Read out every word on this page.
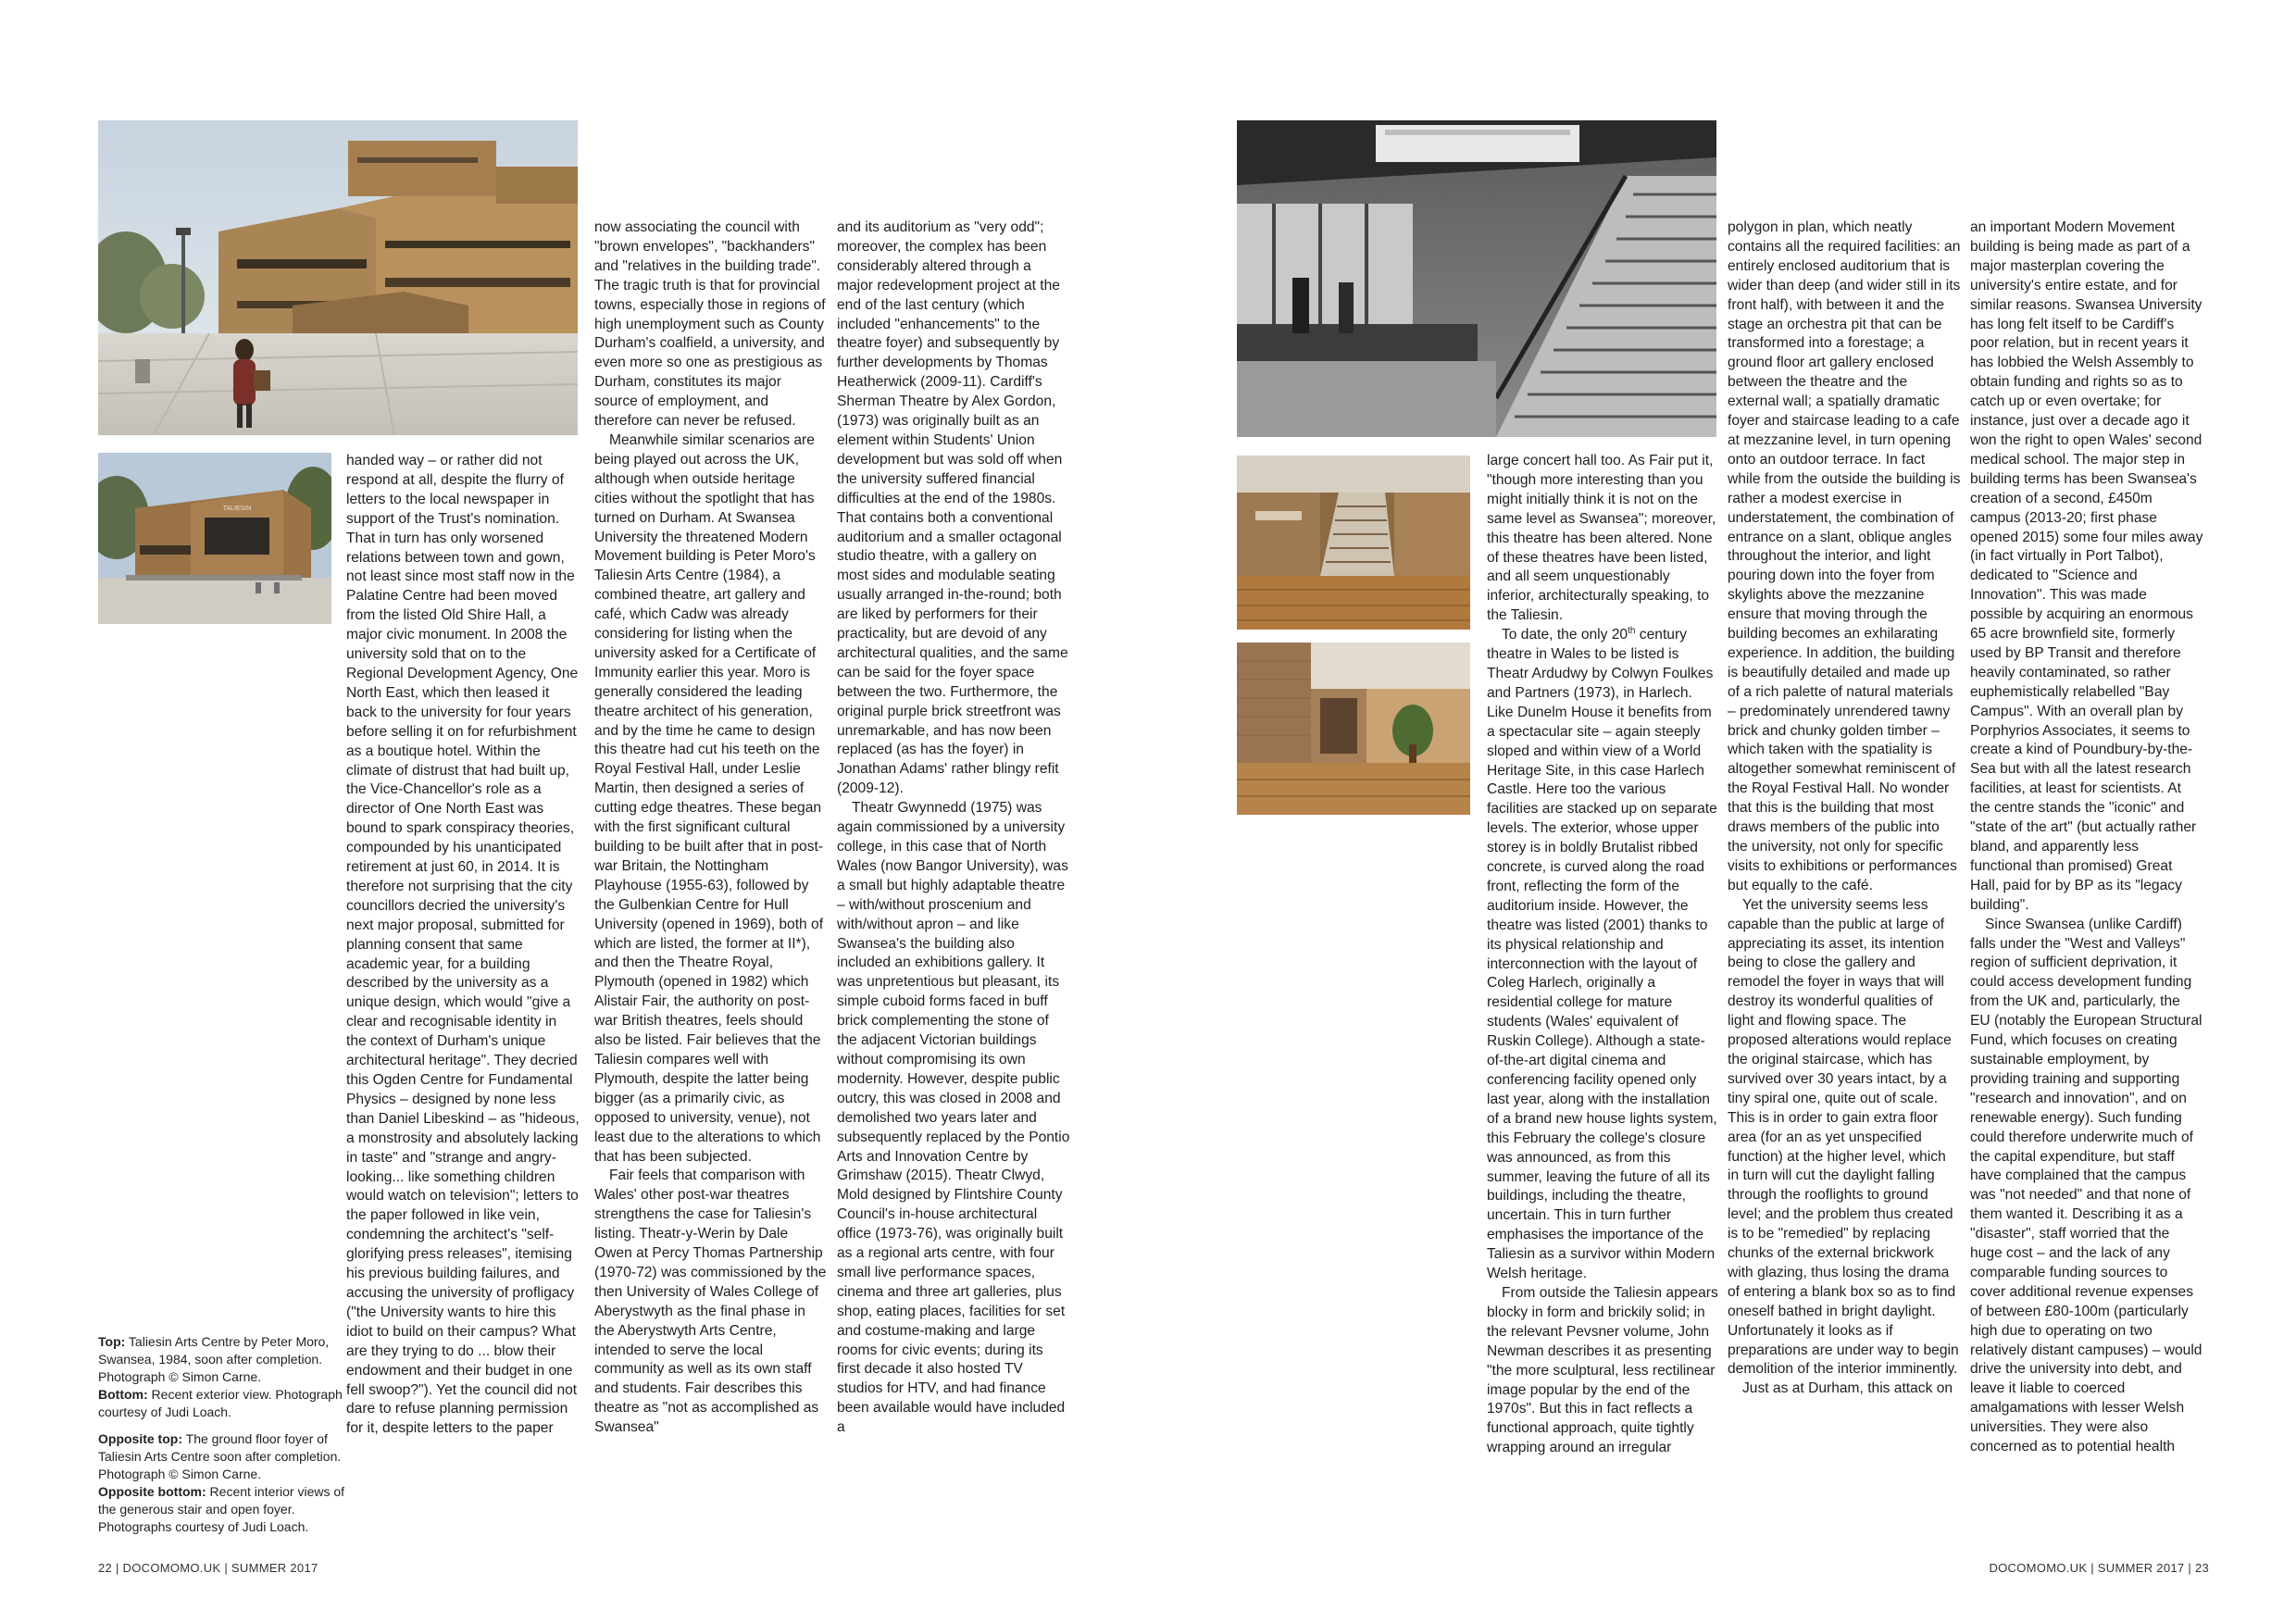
TALIESIN

Top: Taliesin Arts Centre by Peter Moro, Swansea, 1984, soon after completion. Photograph © Simon Carne.

Bottom: Recent exterior view. Photograph courtesy of Judi Loach.

Opposite top: The ground floor foyer of Taliesin Arts Centre soon after completion. Photograph © Simon Carne.

Opposite bottom: Recent interior views of the generous stair and open foyer. Photographs courtesy of Judi Loach.

handed way – or rather did not respond at all, despite the flurry of letters to the local newspaper in support of the Trust's nomination. That in turn has only worsened relations between town and gown, not least since most staff now in the Palatine Centre had been moved from the listed Old Shire Hall, a major civic monument. In 2008 the university sold that on to the Regional Development Agency, One North East, which then leased it back to the university for four years before selling it on for refurbishment as a boutique hotel. Within the climate of distrust that had built up, the Vice-Chancellor's role as a director of One North East was bound to spark conspiracy theories, compounded by his unanticipated retirement at just 60, in 2014. It is therefore not surprising that the city councillors decried the university's next major proposal, submitted for planning consent that same academic year, for a building described by the university as a unique design, which would "give a clear and recognisable identity in the context of Durham's unique architectural heritage". They decried this Ogden Centre for Fundamental Physics – designed by none less than Daniel Libeskind – as "hideous, a monstrosity and absolutely lacking in taste" and "strange and angry-looking... like something children would watch on television"; letters to the paper followed in like vein, condemning the architect's "self-glorifying press releases", itemising his previous building failures, and accusing the university of profligacy ("the University wants to hire this idiot to build on their campus? What are they trying to do ... blow their endowment and their budget in one fell swoop?"). Yet the council did not dare to refuse planning permission for it, despite letters to the paper

now associating the council with "brown envelopes", "backhanders" and "relatives in the building trade". The tragic truth is that for provincial towns, especially those in regions of high unemployment such as County Durham's coalfield, a university, and even more so one as prestigious as Durham, constitutes its major source of employment, and therefore can never be refused.

Meanwhile similar scenarios are being played out across the UK, although when outside heritage cities without the spotlight that has turned on Durham. At Swansea University the threatened Modern Movement building is Peter Moro's Taliesin Arts Centre (1984), a combined theatre, art gallery and café, which Cadw was already considering for listing when the university asked for a Certificate of Immunity earlier this year. Moro is generally considered the leading theatre architect of his generation, and by the time he came to design this theatre had cut his teeth on the Royal Festival Hall, under Leslie Martin, then designed a series of cutting edge theatres. These began with the first significant cultural building to be built after that in post-war Britain, the Nottingham Playhouse (1955-63), followed by the Gulbenkian Centre for Hull University (opened in 1969), both of which are listed, the former at II*), and then the Theatre Royal, Plymouth (opened in 1982) which Alistair Fair, the authority on post-war British theatres, feels should also be listed. Fair believes that the Taliesin compares well with Plymouth, despite the latter being bigger (as a primarily civic, as opposed to university, venue), not least due to the alterations to which that has been subjected.

Fair feels that comparison with Wales' other post-war theatres strengthens the case for Taliesin's listing. Theatr-y-Werin by Dale Owen at Percy Thomas Partnership (1970-72) was commissioned by the then University of Wales College of Aberystwyth as the final phase in the Aberystwyth Arts Centre, intended to serve the local community as well as its own staff and students. Fair describes this theatre as "not as accomplished as Swansea"

and its auditorium as "very odd"; moreover, the complex has been considerably altered through a major redevelopment project at the end of the last century (which included "enhancements" to the theatre foyer) and subsequently by further developments by Thomas Heatherwick (2009-11). Cardiff's Sherman Theatre by Alex Gordon, (1973) was originally built as an element within Students' Union development but was sold off when the university suffered financial difficulties at the end of the 1980s. That contains both a conventional auditorium and a smaller octagonal studio theatre, with a gallery on most sides and modulable seating usually arranged in-the-round; both are liked by performers for their practicality, but are devoid of any architectural qualities, and the same can be said for the foyer space between the two. Furthermore, the original purple brick streetfront was unremarkable, and has now been replaced (as has the foyer) in Jonathan Adams' rather blingy refit (2009-12).

Theatr Gwynnedd (1975) was again commissioned by a university college, in this case that of North Wales (now Bangor University), was a small but highly adaptable theatre – with/without proscenium and with/without apron – and like Swansea's the building also included an exhibitions gallery. It was unpretentious but pleasant, its simple cuboid forms faced in buff brick complementing the stone of the adjacent Victorian buildings without compromising its own modernity. However, despite public outcry, this was closed in 2008 and demolished two years later and subsequently replaced by the Pontio Arts and Innovation Centre by Grimshaw (2015). Theatr Clwyd, Mold designed by Flintshire County Council's in-house architectural office (1973-76), was originally built as a regional arts centre, with four small live performance spaces, cinema and three art galleries, plus shop, eating places, facilities for set and costume-making and large rooms for civic events; during its first decade it also hosted TV studios for HTV, and had finance been available would have included a

22 | DOCOMOMO.UK | SUMMER 2017

large concert hall too. As Fair put it, "though more interesting than you might initially think it is not on the same level as Swansea"; moreover, this theatre has been altered. None of these theatres have been listed, and all seem unquestionably inferior, architecturally speaking, to the Taliesin.

To date, the only 20th century theatre in Wales to be listed is Theatr Ardudwy by Colwyn Foulkes and Partners (1973), in Harlech. Like Dunelm House it benefits from a spectacular site – again steeply sloped and within view of a World Heritage Site, in this case Harlech Castle. Here too the various facilities are stacked up on separate levels. The exterior, whose upper storey is in boldly Brutalist ribbed concrete, is curved along the road front, reflecting the form of the auditorium inside. However, the theatre was listed (2001) thanks to its physical relationship and interconnection with the layout of Coleg Harlech, originally a residential college for mature students (Wales' equivalent of Ruskin College). Although a state-of-the-art digital cinema and conferencing facility opened only last year, along with the installation of a brand new house lights system, this February the college's closure was announced, as from this summer, leaving the future of all its buildings, including the theatre, uncertain. This in turn further emphasises the importance of the Taliesin as a survivor within Modern Welsh heritage.

From outside the Taliesin appears blocky in form and brickily solid; in the relevant Pevsner volume, John Newman describes it as presenting "the more sculptural, less rectilinear image popular by the end of the 1970s". But this in fact reflects a functional approach, quite tightly wrapping around an irregular

polygon in plan, which neatly contains all the required facilities: an entirely enclosed auditorium that is wider than deep (and wider still in its front half), with between it and the stage an orchestra pit that can be transformed into a forestage; a ground floor art gallery enclosed between the theatre and the external wall; a spatially dramatic foyer and staircase leading to a cafe at mezzanine level, in turn opening onto an outdoor terrace. In fact while from the outside the building is rather a modest exercise in understatement, the combination of entrance on a slant, oblique angles throughout the interior, and light pouring down into the foyer from skylights above the mezzanine ensure that moving through the building becomes an exhilarating experience. In addition, the building is beautifully detailed and made up of a rich palette of natural materials – predominately unrendered tawny brick and chunky golden timber – which taken with the spatiality is altogether somewhat reminiscent of the Royal Festival Hall. No wonder that this is the building that most draws members of the public into the university, not only for specific visits to exhibitions or performances but equally to the café.

Yet the university seems less capable than the public at large of appreciating its asset, its intention being to close the gallery and remodel the foyer in ways that will destroy its wonderful qualities of light and flowing space. The proposed alterations would replace the original staircase, which has survived over 30 years intact, by a tiny spiral one, quite out of scale. This is in order to gain extra floor area (for an as yet unspecified function) at the higher level, which in turn will cut the daylight falling through the rooflights to ground level; and the problem thus created is to be "remedied" by replacing chunks of the external brickwork with glazing, thus losing the drama of entering a blank box so as to find oneself bathed in bright daylight. Unfortunately it looks as if preparations are under way to begin demolition of the interior imminently.

Just as at Durham, this attack on

an important Modern Movement building is being made as part of a major masterplan covering the university's entire estate, and for similar reasons. Swansea University has long felt itself to be Cardiff's poor relation, but in recent years it has lobbied the Welsh Assembly to obtain funding and rights so as to catch up or even overtake; for instance, just over a decade ago it won the right to open Wales' second medical school. The major step in building terms has been Swansea's creation of a second, £450m campus (2013-20; first phase opened 2015) some four miles away (in fact virtually in Port Talbot), dedicated to "Science and Innovation". This was made possible by acquiring an enormous 65 acre brownfield site, formerly used by BP Transit and therefore heavily contaminated, so rather euphemistically relabelled "Bay Campus". With an overall plan by Porphyrios Associates, it seems to create a kind of Poundbury-by-the-Sea but with all the latest research facilities, at least for scientists. At the centre stands the "iconic" and "state of the art" (but actually rather bland, and apparently less functional than promised) Great Hall, paid for by BP as its "legacy building".

Since Swansea (unlike Cardiff) falls under the "West and Valleys" region of sufficient deprivation, it could access development funding from the UK and, particularly, the EU (notably the European Structural Fund, which focuses on creating sustainable employment, by providing training and supporting "research and innovation", and on renewable energy). Such funding could therefore underwrite much of the capital expenditure, but staff have complained that the campus was "not needed" and that none of them wanted it. Describing it as a "disaster", staff worried that the huge cost – and the lack of any comparable funding sources to cover additional revenue expenses of between £80-100m (particularly high due to operating on two relatively distant campuses) – would drive the university into debt, and leave it liable to coerced amalgamations with lesser Welsh universities. They were also concerned as to potential health

DOCOMOMO.UK | SUMMER 2017 | 23
